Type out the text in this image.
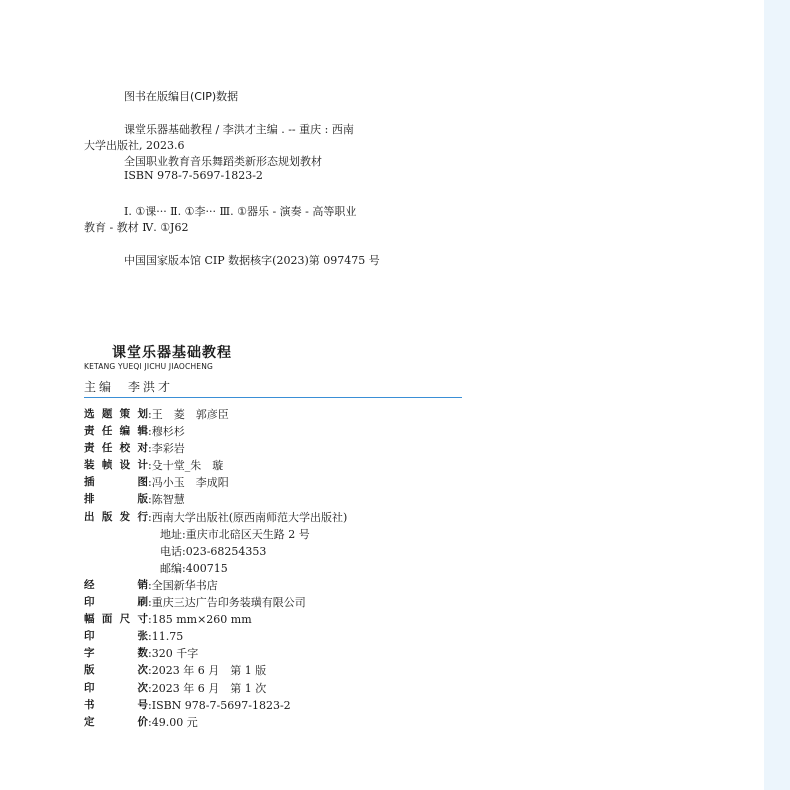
图书在版编目(CIP)数据
课堂乐器基础教程 / 李洪才主编 . -- 重庆 : 西南
大学出版社, 2023.6
全国职业教育音乐舞蹈类新形态规划教材
ISBN 978-7-5697-1823-2
Ⅰ. ①课··· Ⅱ. ①李··· Ⅲ. ①器乐 - 演奏 - 高等职业
教育 - 教材 Ⅳ. ①J62
中国国家版本馆 CIP 数据核字(2023)第 097475 号
课堂乐器基础教程
KETANG YUEQI JICHU JIAOCHENG
主编 李洪才
选 题 策 划 : 王　菱　郭彦臣
责 任 编 辑 : 穆杉杉
责 任 校 对 : 李彩岩
装 帧 设 计 : 殳十堂_朱　璇
插	图 : 冯小玉　李成阳
排	版 : 陈智慧
出 版 发 行 : 西南大学出版社(原西南师范大学出版社)
地址:重庆市北碚区天生路 2 号
电话:023-68254353
邮编:400715
经	销 : 全国新华书店
印	刷 : 重庆三达广告印务装璜有限公司
幅 面 尺 寸 : 185 mm×260 mm
印	张 : 11.75
字	数 : 320 千字
版	次 : 2023 年 6 月　第 1 版
印	次 : 2023 年 6 月　第 1 次
书	号 : ISBN 978-7-5697-1823-2
定	价 : 49.00 元
